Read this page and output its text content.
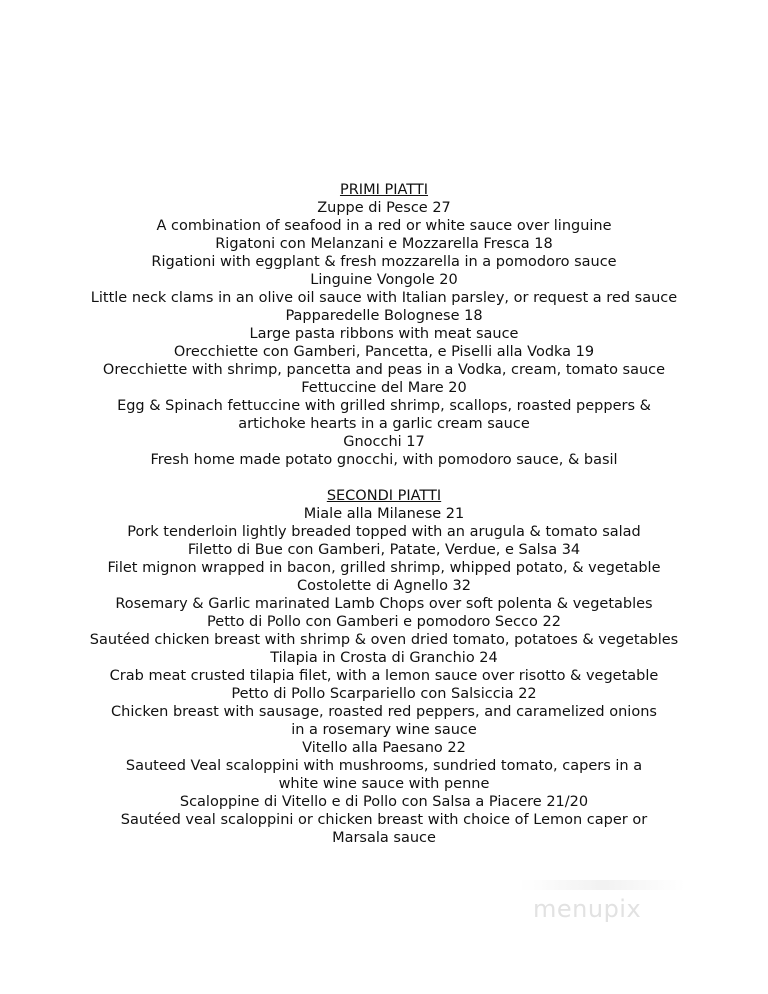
PRIMI PIATTI
Zuppe di Pesce 27
A combination of seafood in a red or white sauce over linguine
Rigatoni con Melanzani e Mozzarella Fresca 18
Rigationi with eggplant & fresh mozzarella in a pomodoro sauce
Linguine Vongole 20
Little neck clams in an olive oil sauce with Italian parsley, or request a red sauce
Papparedelle Bolognese 18
Large pasta ribbons with meat sauce
Orecchiette con Gamberi, Pancetta, e Piselli alla Vodka 19
Orecchiette with shrimp, pancetta and peas in a Vodka, cream, tomato sauce
Fettuccine del Mare 20
Egg & Spinach fettuccine with grilled shrimp, scallops, roasted peppers & artichoke hearts in a garlic cream sauce
Gnocchi 17
Fresh home made potato gnocchi, with pomodoro sauce, & basil
SECONDI PIATTI
Miale alla Milanese 21
Pork tenderloin lightly breaded topped with an arugula & tomato salad
Filetto di Bue con Gamberi, Patate, Verdue, e Salsa 34
Filet mignon wrapped in bacon, grilled shrimp, whipped potato, & vegetable
Costolette di Agnello 32
Rosemary & Garlic marinated Lamb Chops over soft polenta & vegetables
Petto di Pollo con Gamberi e pomodoro Secco 22
Sautéed chicken breast with shrimp & oven dried tomato, potatoes & vegetables
Tilapia in Crosta di Granchio 24
Crab meat crusted tilapia filet, with a lemon sauce over risotto & vegetable
Petto di Pollo Scarpariello con Salsiccia 22
Chicken breast with sausage, roasted red peppers, and caramelized onions in a rosemary wine sauce
Vitello alla Paesano 22
Sauteed Veal scaloppini with mushrooms, sundried tomato, capers in a white wine sauce with penne
Scaloppine di Vitello e di Pollo con Salsa a Piacere 21/20
Sautéed veal scaloppini or chicken breast with choice of Lemon caper or Marsala sauce
menupix
